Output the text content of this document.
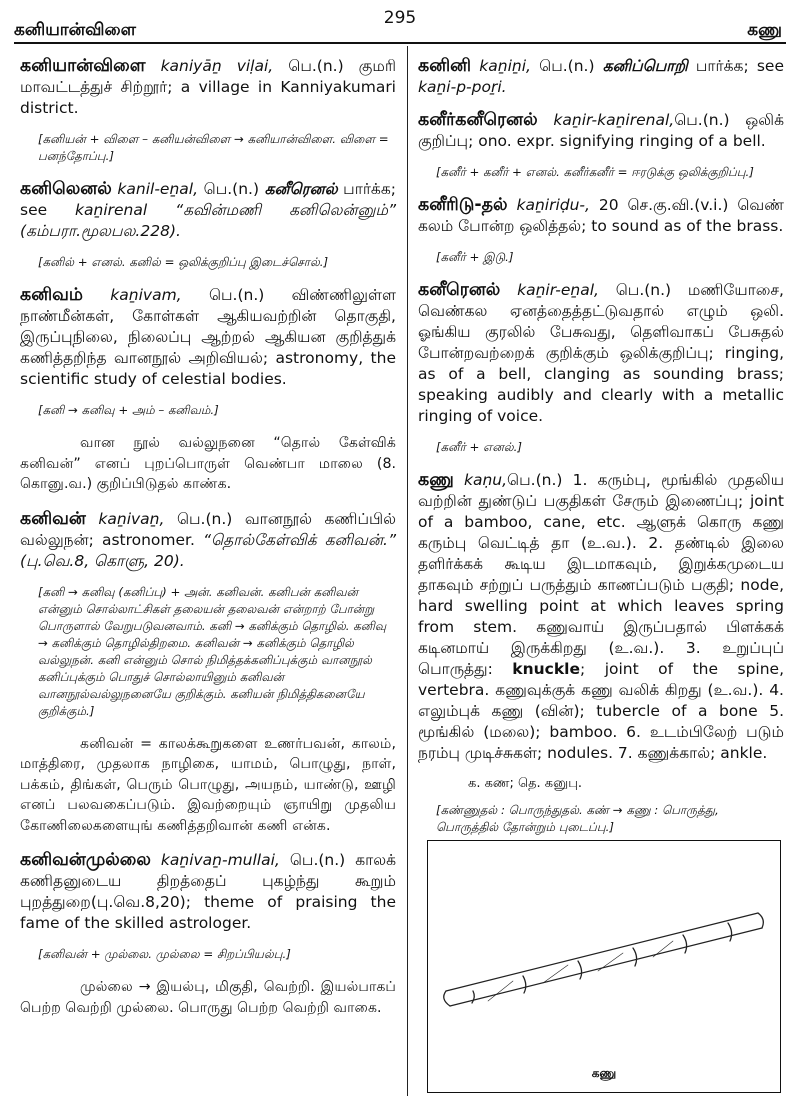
கனியான்விளை
295
கணு
கனியான்விளை kaniyāṉ viḷai, பெ.(n.) குமரி மாவட்டத்துச் சிற்றூர்; a village in Kanniyakumari district.
[கனியன் + விளை – கனியன்விளை → கனியான்விளை. விளை = பனந்தோப்பு.]
கனிலெனல் kanil-eṉal, பெ.(n.) கனீரெனல் பார்க்க; see kaṉirenal “கவின்மணி கனிலென்னும்” (கம்பரா.மூலபல.228).
[கனில் + எனல். கனில் = ஒலிக்குறிப்பு இடைச்சொல்.]
கனிவம் kaṉivam, பெ.(n.) விண்ணிலுள்ள நாண்மீன்கள், கோள்கள் ஆகியவற்றின் தொகுதி, இருப்புநிலை, நிலைப்பு ஆற்றல் ஆகியன குறித்துக் கணித்தறிந்த வானநூல் அறிவியல்; astronomy, the scientific study of celestial bodies.
[கனி → கனிவு + அம் – கனிவம்.]
வான நூல் வல்லுநனை “தொல் கேள்விக் கனிவன்” எனப் புறப்பொருள் வெண்பா மாலை (8. கொனு.வ.) குறிப்பிடுதல் காண்க.
கனிவன் kaṉivaṉ, பெ.(n.) வானநூல் கணிப்பில் வல்லுநன்; astronomer. “தொல்கேள்விக் கனிவன்.” (பு.வெ.8, கொளு, 20).
[கனி → கனிவு (கனிப்பு) + அன். கனிவன். கனிபன் கனிவன் என்னும் சொல்லாட்சிகள் தலையன் தலைவன் என்றாற் போன்று பொருளால் வேறுபடுவனவாம். கனி → கனிக்கும் தொழில். கனிவு → கனிக்கும் தொழில்திறமை. கனிவன் → கனிக்கும் தொழில் வல்லுநன். கனி என்னும் சொல் நிமித்தக்கனிப்புக்கும் வானநூல் கனிப்புக்கும் பொதுச் சொல்லாயினும் கனிவன் வானநூல்வல்லுநனையே குறிக்கும். கனியன் நிமித்திகனையே குறிக்கும்.]
கனிவன் = காலக்கூறுகளை உணர்பவன், காலம், மாத்திரை, முதலாக நாழிகை, யாமம், பொழுது, நாள், பக்கம், திங்கள், பெரும் பொழுது, அயநம், யாண்டு, ஊழி எனப் பலவகைப்படும். இவற்றையும் ஞாயிறு முதலிய கோணிலைகளையுங் கணித்தறிவான் கணி என்க.
கனிவன்முல்லை kaṉivaṉ-mullai, பெ.(n.) காலக் கணிதனுடைய திறத்தைப் புகழ்ந்து கூறும் புறத்துறை(பு.வெ.8,20); theme of praising the fame of the skilled astrologer.
[கனிவன் + முல்லை. முல்லை = சிறப்பியல்பு.]
முல்லை → இயல்பு, மிகுதி, வெற்றி. இயல்பாகப் பெற்ற வெற்றி முல்லை. பொருது பெற்ற வெற்றி வாகை.
கனினி kaṉiṉi, பெ.(n.) கனிப்பொறி பார்க்க; see kaṉi-p-poṟi.
கனீர்கனீரெனல் kaṉir-kaṉirenal,பெ.(n.) ஒலிக் குறிப்பு; ono. expr. signifying ringing of a bell.
[கனீர் + கனீர் + எனல். கனீர்கனீர் = ஈரடுக்கு ஒலிக்குறிப்பு.]
கனீரிடு-தல் kaṉiriḍu-, 20 செ.கு.வி.(v.i.) வெண் கலம் போன்ற ஒலித்தல்; to sound as of the brass.
[கனீர் + இடு.]
கனீரெனல் kaṉir-eṉal, பெ.(n.) மணியோசை, வெண்கல ஏனத்தைத்தட்டுவதால் எழும் ஒலி. ஓங்கிய குரலில் பேசுவது, தெளிவாகப் பேசுதல் போன்றவற்றைக் குறிக்கும் ஒலிக்குறிப்பு; ringing, as of a bell, clanging as sounding brass; speaking audibly and clearly with a metallic ringing of voice.
[கனீர் + எனல்.]
கணு kaṇu,பெ.(n.) 1. கரும்பு, மூங்கில் முதலிய வற்றின் துண்டுப் பகுதிகள் சேரும் இணைப்பு; joint of a bamboo, cane, etc. ஆளுக் கொரு கணு கரும்பு வெட்டித் தா (உ.வ.). 2. தண்டில் இலை தளிர்க்கக் கூடிய இடமாகவும், இறுக்கமுடைய தாகவும் சற்றுப் பருத்தும் காணப்படும் பகுதி; node, hard swelling point at which leaves spring from stem. கணுவாய் இருப்பதால் பிளக்கக் கடினமாய் இருக்கிறது (உ.வ.). 3. உறுப்புப் பொருத்து: knuckle; joint of the spine, vertebra. கணுவுக்குக் கணு வலிக் கிறது (உ.வ.). 4. எலும்புக் கணு (வின்); tubercle of a bone 5. மூங்கில் (மலை); bamboo. 6. உடம்பிலேற் படும் நரம்பு முடிச்சுகள்; nodules. 7. கணுக்கால்; ankle.
க. கண; தெ. கனுபு.
[கண்ணுதல் : பொருந்துதல். கண் → கணு : பொருத்து, பொருத்தில் தோன்றும் புடைப்பு.]
கணு
